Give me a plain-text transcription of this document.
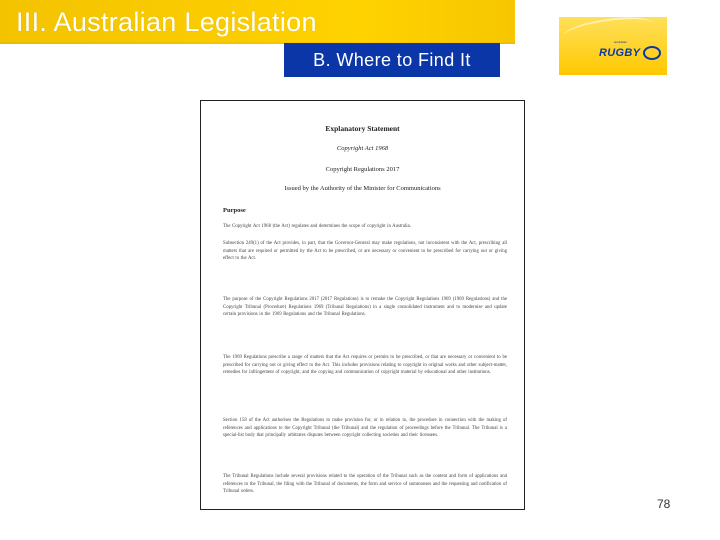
III. Australian Legislation
B. Where to Find It
australian
RUGBY
Explanatory Statement
Copyright Act 1968
Copyright Regulations 2017
Issued by the Authority of the Minister for Communications
Purpose

The Copyright Act 1968 (the Act) regulates and determines the scope of copyright in Australia.

Subsection 249(1) of the Act provides, in part, that the Governor-General may make regulations, not inconsistent with the Act, prescribing all matters that are required or permitted by the Act to be prescribed, or are necessary or convenient to be prescribed for carrying out or giving effect to the Act.

The purpose of the Copyright Regulations 2017 (2017 Regulations) is to remake the Copyright Regulations 1969 (1969 Regulations) and the Copyright Tribunal (Procedure) Regulations 1969 (Tribunal Regulations) in a single consolidated instrument and to modernise and update certain provisions in the 1969 Regulations and the Tribunal Regulations.

The 1969 Regulations prescribe a range of matters that the Act requires or permits to be prescribed, or that are necessary or convenient to be prescribed for carrying out or giving effect to the Act. This includes provisions relating to copyright in original works and other subject-matter, remedies for infringement of copyright, and the copying and communication of copyright material by educational and other institutions.

Section 158 of the Act authorises the Regulations to make provision for, or in relation to, the procedure in connection with the making of references and applications to the Copyright Tribunal (the Tribunal) and the regulation of proceedings before the Tribunal. The Tribunal is a special-list body that principally arbitrates disputes between copyright collecting societies and their licensees.

The Tribunal Regulations include several provisions related to the operation of the Tribunal such as the content and form of applications and references to the Tribunal, the filing with the Tribunal of documents, the form and service of summonses and the requesting and notification of Tribunal orders.

78
